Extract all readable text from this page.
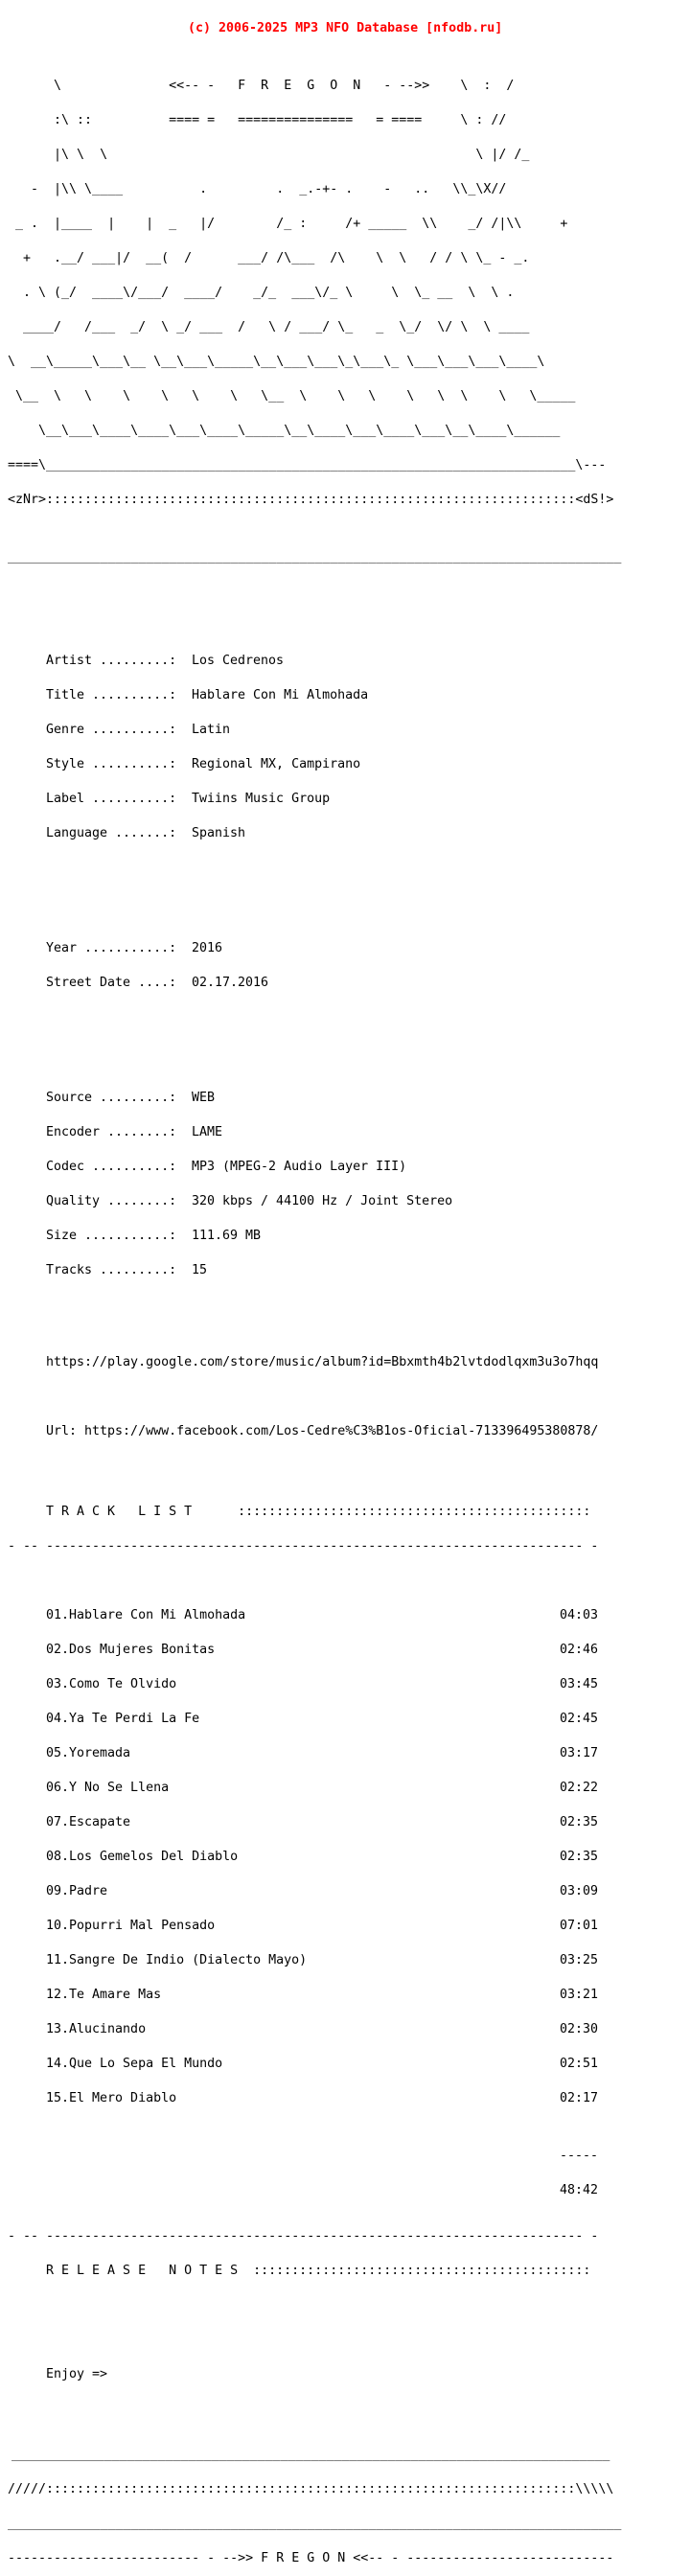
(c) 2006-2025 MP3 NFO Database [nfodb.ru]

\              <<-- -   F  R  E  G  O  N   - -->>    \  :  /

:\ ::          ==== =   ===============   = ====     \ : //

|\ \  \                                                \ |/ /_

-  |\\ \____          .         .  _.-+- .    -   ..   \\_\X//

_ .  |____  |    |  _   |/        /_ :     /+ _____  \\    _/ /|\\     +

+   .__/ ___|/  __(  /      ___/ /\___  /\    \  \   / / \ \_ - _.

. \ (_/  ____\/___/  ____/    _/_  ___\/_ \     \  \_ __  \  \ .

____/   /___  _/  \ _/ ___  /   \ / ___/ \_   _  \_/  \/ \  \ ____

\  __\_____\___\__ \__\___\_____\__\___\___\_\___\_ \___\___\___\____\

\__  \   \    \    \   \    \   \__  \    \   \    \   \  \    \   \_____

\__\___\____\____\___\____\_____\__\____\___\____\___\__\____\______

====\_____________________________________________________________________\---

<zNr>:::::::::::::::::::::::::::::::::::::::::::::::::::::::::::::::::::::<dS!>

________________________________________________________________________________

Artist .........: Los Cedrenos

Title ..........: Hablare Con Mi Almohada

Genre ..........: Latin

Style ..........: Regional MX, Campirano

Label ..........: Twiins Music Group

Language .......: Spanish

Year ...........: 2016

Street Date ....: 02.17.2016

Source .........: WEB

Encoder ........: LAME

Codec ..........: MP3 (MPEG-2 Audio Layer III)

Quality ........: 320 kbps / 44100 Hz / Joint Stereo

Size ...........: 111.69 MB

Tracks .........: 15

https://play.google.com/store/music/album?id=Bbxmth4b2lvtdodlqxm3u3o7hqq

Url: https://www.facebook.com/Los-Cedre%C3%B1os-Oficial-713396495380878/

T R A C K   L I S T      ::::::::::::::::::::::::::::::::::::::::::::::

- -- ---------------------------------------------------------------------- -

01.Hablare Con Mi Almohada	04:03

02.Dos Mujeres Bonitas	02:46

03.Como Te Olvido	03:45

04.Ya Te Perdi La Fe	02:45

05.Yoremada	03:17

06.Y No Se Llena	02:22

07.Escapate	02:35

08.Los Gemelos Del Diablo	02:35

09.Padre	03:09

10.Popurri Mal Pensado	07:01

11.Sangre De Indio (Dialecto Mayo)	03:25

12.Te Amare Mas	03:21

13.Alucinando	02:30

14.Que Lo Sepa El Mundo	02:51

15.El Mero Diablo	02:17

-----

48:42

- -- ---------------------------------------------------------------------- -

R E L E A S E   N O T E S  ::::::::::::::::::::::::::::::::::::::::::::

Enjoy =>

______________________________________________________________________________

/////:::::::::::::::::::::::::::::::::::::::::::::::::::::::::::::::::::::\\\\\

________________________________________________________________________________

------------------------- - -->> F R E G O N <<-- - ---------------------------
